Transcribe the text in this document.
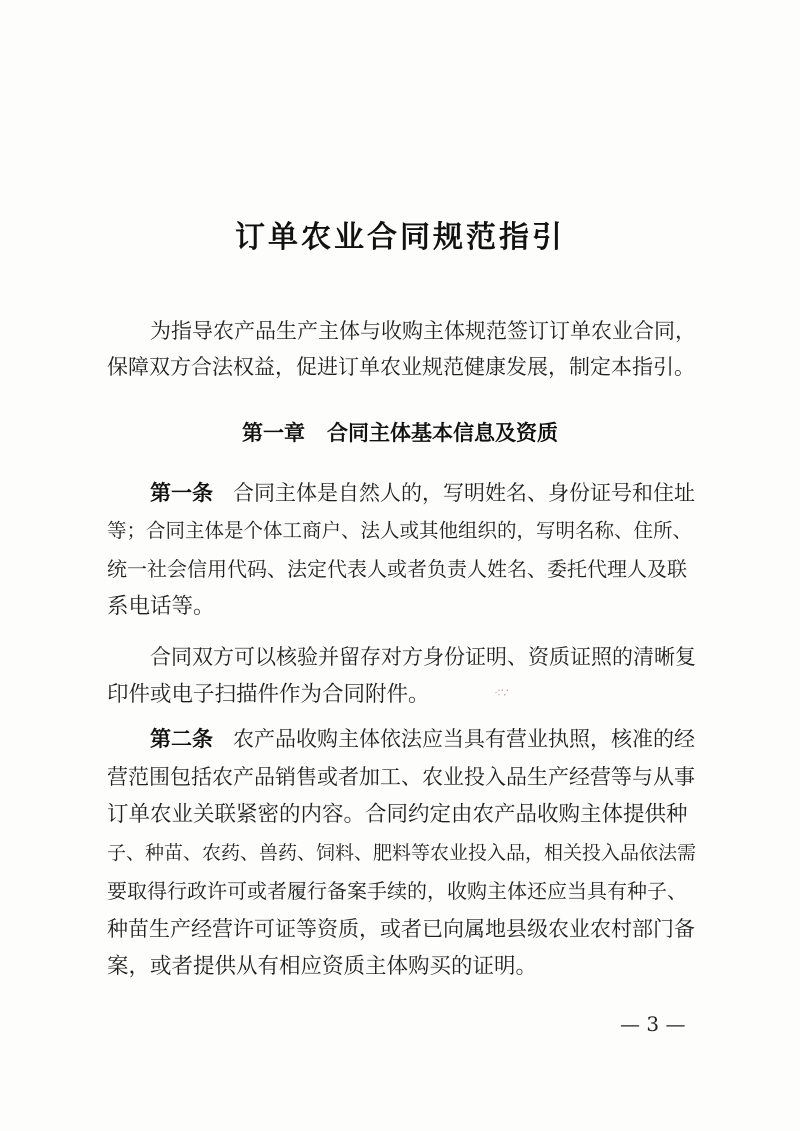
订单农业合同规范指引
为指导农产品生产主体与收购主体规范签订订单农业合同，
保障双方合法权益，促进订单农业规范健康发展，制定本指引。
第一章 合同主体基本信息及资质
第一条 合同主体是自然人的，写明姓名、身份证号和住址
等；合同主体是个体工商户、法人或其他组织的，写明名称、住所、
统一社会信用代码、法定代表人或者负责人姓名、委托代理人及联
系电话等。
合同双方可以核验并留存对方身份证明、资质证照的清晰复
印件或电子扫描件作为合同附件。	⁖∵
第二条 农产品收购主体依法应当具有营业执照，核准的经
营范围包括农产品销售或者加工、农业投入品生产经营等与从事
订单农业关联紧密的内容。合同约定由农产品收购主体提供种
子、种苗、农药、兽药、饲料、肥料等农业投入品，相关投入品依法需
要取得行政许可或者履行备案手续的，收购主体还应当具有种子、
种苗生产经营许可证等资质，或者已向属地县级农业农村部门备
案，或者提供从有相应资质主体购买的证明。
— 3 —
